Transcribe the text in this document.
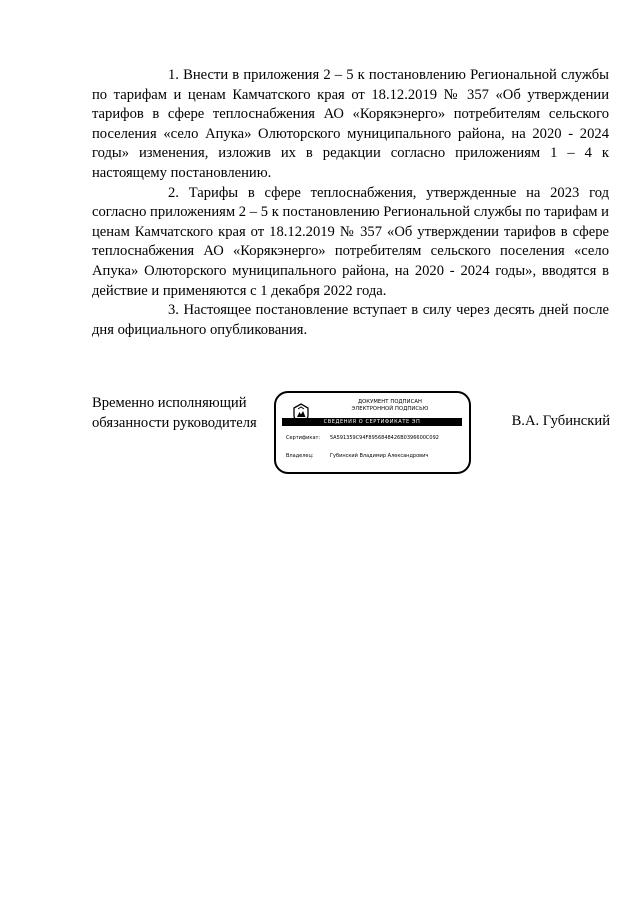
1. Внести в приложения 2 – 5 к постановлению Региональной службы по тарифам и ценам Камчатского края от 18.12.2019 № 357 «Об утверждении тарифов в сфере теплоснабжения АО «Корякэнерго» потребителям сельского поселения «село Апука» Олюторского муниципального района, на 2020 - 2024 годы» изменения, изложив их в редакции согласно приложениям 1 – 4 к настоящему постановлению.

2. Тарифы в сфере теплоснабжения, утвержденные на 2023 год согласно приложениям 2 – 5 к постановлению Региональной службы по тарифам и ценам Камчатского края от 18.12.2019 № 357 «Об утверждении тарифов в сфере теплоснабжения АО «Корякэнерго» потребителям сельского поселения «село Апука» Олюторского муниципального района, на 2020 - 2024 годы», вводятся в действие и применяются с 1 декабря 2022 года.

3. Настоящее постановление вступает в силу через десять дней после дня официального опубликования.

Временно исполняющий
обязанности руководителя
ДОКУМЕНТ ПОДПИСАН
ЭЛЕКТРОННОЙ ПОДПИСЬЮ
СВЕДЕНИЯ О СЕРТИФИКАТЕ ЭП
Сертификат: 5A591359C94F8956848426B0396600C092
Владелец:	Губинский Владимир Александрович
В.А. Губинский
